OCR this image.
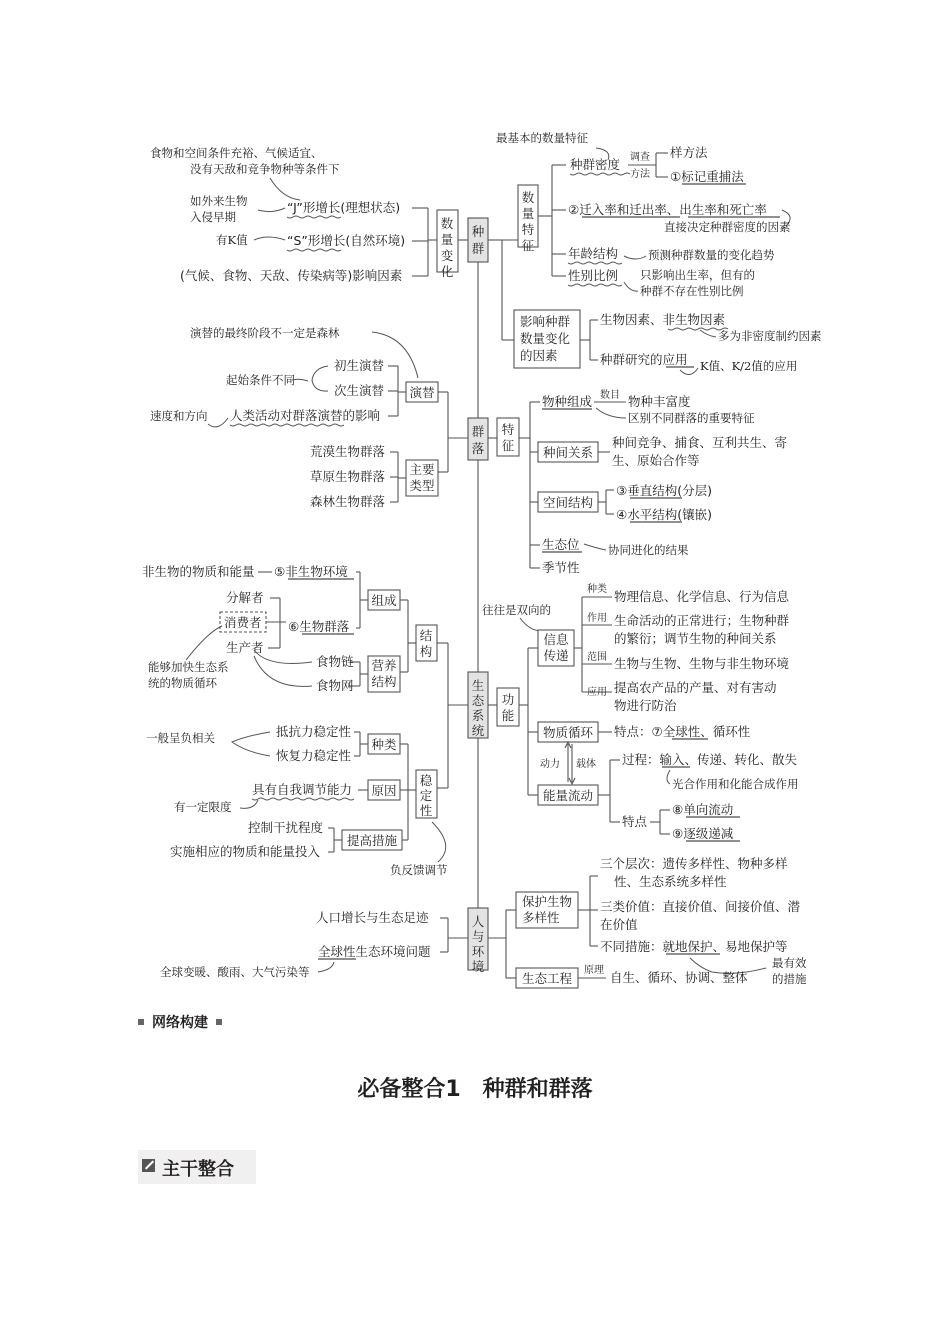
种群
群落
生态系统
人与环境
数量变化
食物和空间条件充裕、气候适宜、
没有天敌和竞争物种等条件下
如外来生物
入侵早期
“J”形增长(理想状态)
有K值	“S”形增长(自然环境)
(气候、食物、天敌、传染病等)影响因素
数量特征
最基本的数量特征
种群密度 调查
方法
样方法
①标记重捕法
②迁入率和迁出率、出生率和死亡率
直接决定种群密度的因素
年龄结构	预测种群数量的变化趋势
性别比例 只影响出生率，但有的
种群不存在性别比例
影响种群
数量变化
的因素
生物因素、非生物因素
多为非密度制约因素
种群研究的应用 K值、K/2值的应用
演替
演替的最终阶段不一定是森林
初生演替
次生演替
起始条件不同
人类活动对群落演替的影响
速度和方向
主要
类型
荒漠生物群落
草原生物群落
森林生物群落
特
征
物种组成 数目 物种丰富度
区别不同群落的重要特征
种间关系
种间竞争、捕食、互利共生、寄
生、原始合作等
空间结构
③垂直结构(分层)
④水平结构(镶嵌)
生态位 协同进化的结果
季节性
结
构
组成
非生物的物质和能量 ⑤非生物环境
分解者
消费者
生产者
⑥生物群落
能够加快生态系
统的物质循环
营养
结构
食物链
食物网
稳
定
性
种类
抵抗力稳定性
恢复力稳定性
一般呈负相关
原因
具有自我调节能力
有一定限度
提高措施
控制干扰程度
实施相应的物质和能量投入
负反馈调节
功
能
往往是双向的
信息
传递
种类 物理信息、化学信息、行为信息
作用 生命活动的正常进行；生物种群
的繁衍；调节生物的种间关系
范围 生物与生物、生物与非生物环境
应用 提高农产品的产量、对有害动
物进行防治
物质循环 特点：⑦全球性、循环性
动力 载体
能量流动
过程：输入、传递、转化、散失
光合作用和化能合成作用
特点
⑧单向流动
⑨逐级递减
人口增长与生态足迹
全球性生态环境问题
全球变暖、酸雨、大气污染等
保护生物
多样性
三个层次：遗传多样性、物种多样
性、生态系统多样性
三类价值：直接价值、间接价值、潜
在价值
不同措施：就地保护、易地保护等
最有效
的措施
生态工程
原理 自生、循环、协调、整体
网络构建
必备整合1　种群和群落
主干整合
